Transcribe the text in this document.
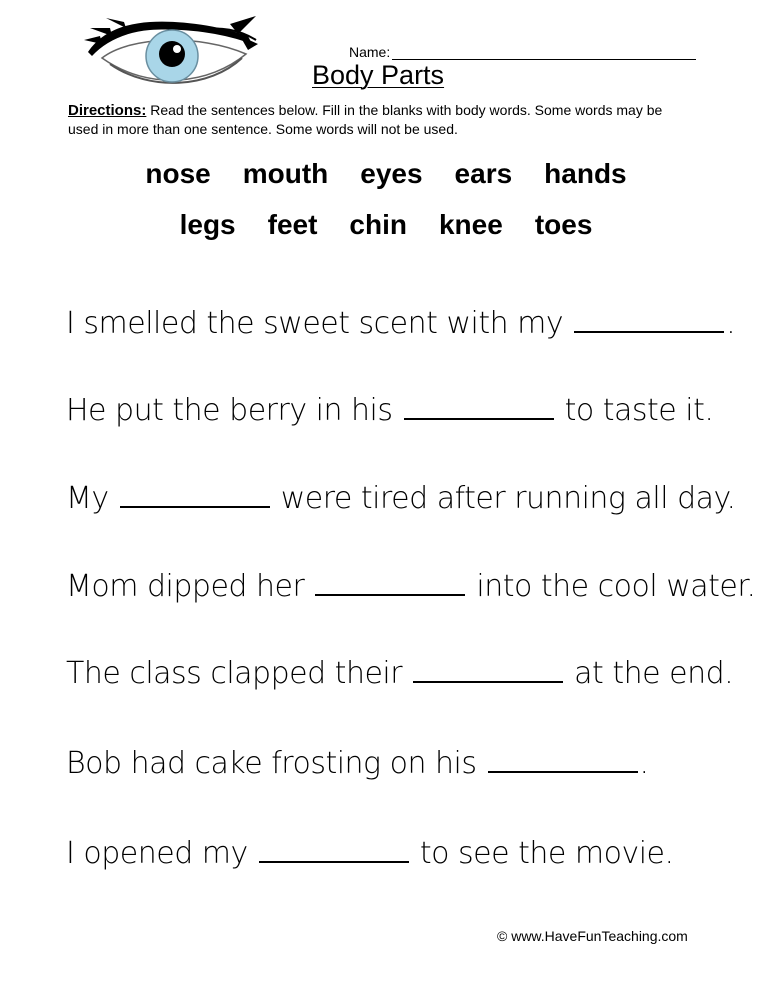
Name:
Body Parts
Directions: Read the sentences below. Fill in the blanks with body words. Some words may be used in more than one sentence. Some words will not be used.
nose mouth eyes ears hands
legs feet chin knee toes
I smelled the sweet scent with my	.
He put the berry in his	to taste it.
My	were tired after running all day.
Mom dipped her	into the cool water.
The class clapped their	at the end.
Bob had cake frosting on his	.
I opened my	to see the movie.
© www.HaveFunTeaching.com
